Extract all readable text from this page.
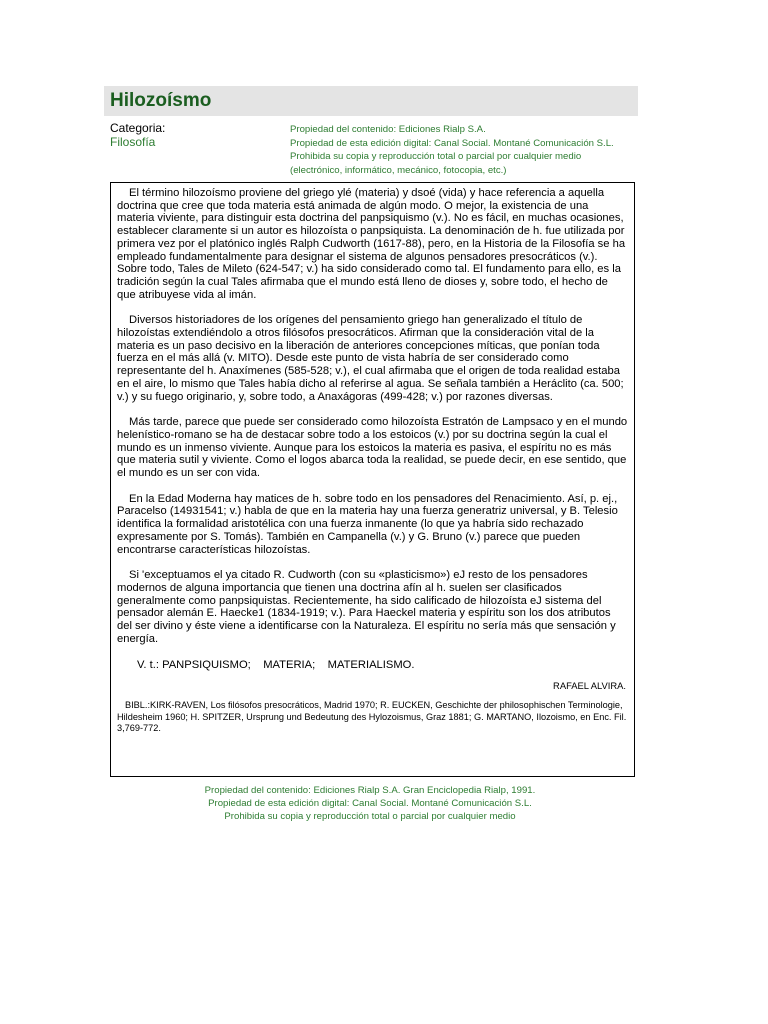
Hilozoísmo
Categoria:
Filosofía
Propiedad del contenido: Ediciones Rialp S.A.
Propiedad de esta edición digital: Canal Social. Montané Comunicación S.L.
Prohibida su copia y reproducción total o parcial por cualquier medio
(electrónico, informático, mecánico, fotocopia, etc.)

El término hilozoísmo proviene del griego ylé (materia) y dsoé (vida) y hace referencia a aquella doctrina que cree que toda materia está animada de algún modo. O mejor, la existencia de una materia viviente, para distinguir esta doctrina del panpsiquismo (v.). No es fácil, en muchas ocasiones, establecer claramente si un autor es hilozoísta o panpsiquista. La denominación de h. fue utilizada por primera vez por el platónico inglés Ralph Cudworth (1617-88), pero, en la Historia de la Filosofía se ha empleado fundamentalmente para designar el sistema de algunos pensadores presocráticos (v.). Sobre todo, Tales de Mileto (624-547; v.) ha sido considerado como tal. El fundamento para ello, es la tradición según la cual Tales afirmaba que el mundo está lleno de dioses y, sobre todo, el hecho de que atribuyese vida al imán.

Diversos historiadores de los orígenes del pensamiento griego han generalizado el título de hilozoístas extendiéndolo a otros filósofos presocráticos. Afirman que la consideración vital de la materia es un paso decisivo en la liberación de anteriores concepciones míticas, que ponían toda fuerza en el más allá (v. MITO). Desde este punto de vista habría de ser considerado como representante del h. Anaxímenes (585-528; v.), el cual afirmaba que el origen de toda realidad estaba en el aire, lo mismo que Tales había dicho al referirse al agua. Se señala también a Heráclito (ca. 500; v.) y su fuego originario, y, sobre todo, a Anaxágoras (499-428; v.) por razones diversas.

Más tarde, parece que puede ser considerado como hilozoísta Estratón de Lampsaco y en el mundo helenístico-romano se ha de destacar sobre todo a los estoicos (v.) por su doctrina según la cual el mundo es un inmenso viviente. Aunque para los estoicos la materia es pasiva, el espíritu no es más que materia sutil y viviente. Como el logos abarca toda la realidad, se puede decir, en ese sentido, que el mundo es un ser con vida.

En la Edad Moderna hay matices de h. sobre todo en los pensadores del Renacimiento. Así, p. ej., Paracelso (14931541; v.) habla de que en la materia hay una fuerza generatriz universal, y B. Telesio identifica la formalidad aristotélica con una fuerza inmanente (lo que ya habría sido rechazado expresamente por S. Tomás). También en Campanella (v.) y G. Bruno (v.) parece que pueden encontrarse características hilozoístas.

Si 'exceptuamos el ya citado R. Cudworth (con su «plasticismo») eJ resto de los pensadores modernos de alguna importancia que tienen una doctrina afín al h. suelen ser clasificados generalmente como panpsiquistas. Recientemente, ha sido calificado de hilozoísta eJ sistema del pensador alemán E. Haecke1 (1834-1919; v.). Para Haeckel materia y espíritu son los dos atributos del ser divino y éste viene a identificarse con la Naturaleza. El espíritu no sería más que sensación y energía.

V. t.: PANPSIQUISMO;    MATERIA;    MATERIALISMO.

RAFAEL ALVIRA.
BIBL.:KIRK-RAVEN, Los filósofos presocráticos, Madrid 1970; R. EUCKEN, Geschichte der philosophischen Terminologie, Hildesheim 1960; H. SPITZER, Ursprung und Bedeutung des Hylozoismus, Graz 1881; G. MARTANO, Ilozoismo, en Enc. Fil. 3,769-772.
Propiedad del contenido: Ediciones Rialp S.A. Gran Enciclopedia Rialp, 1991.
Propiedad de esta edición digital: Canal Social. Montané Comunicación S.L.
Prohibida su copia y reproducción total o parcial por cualquier medio
